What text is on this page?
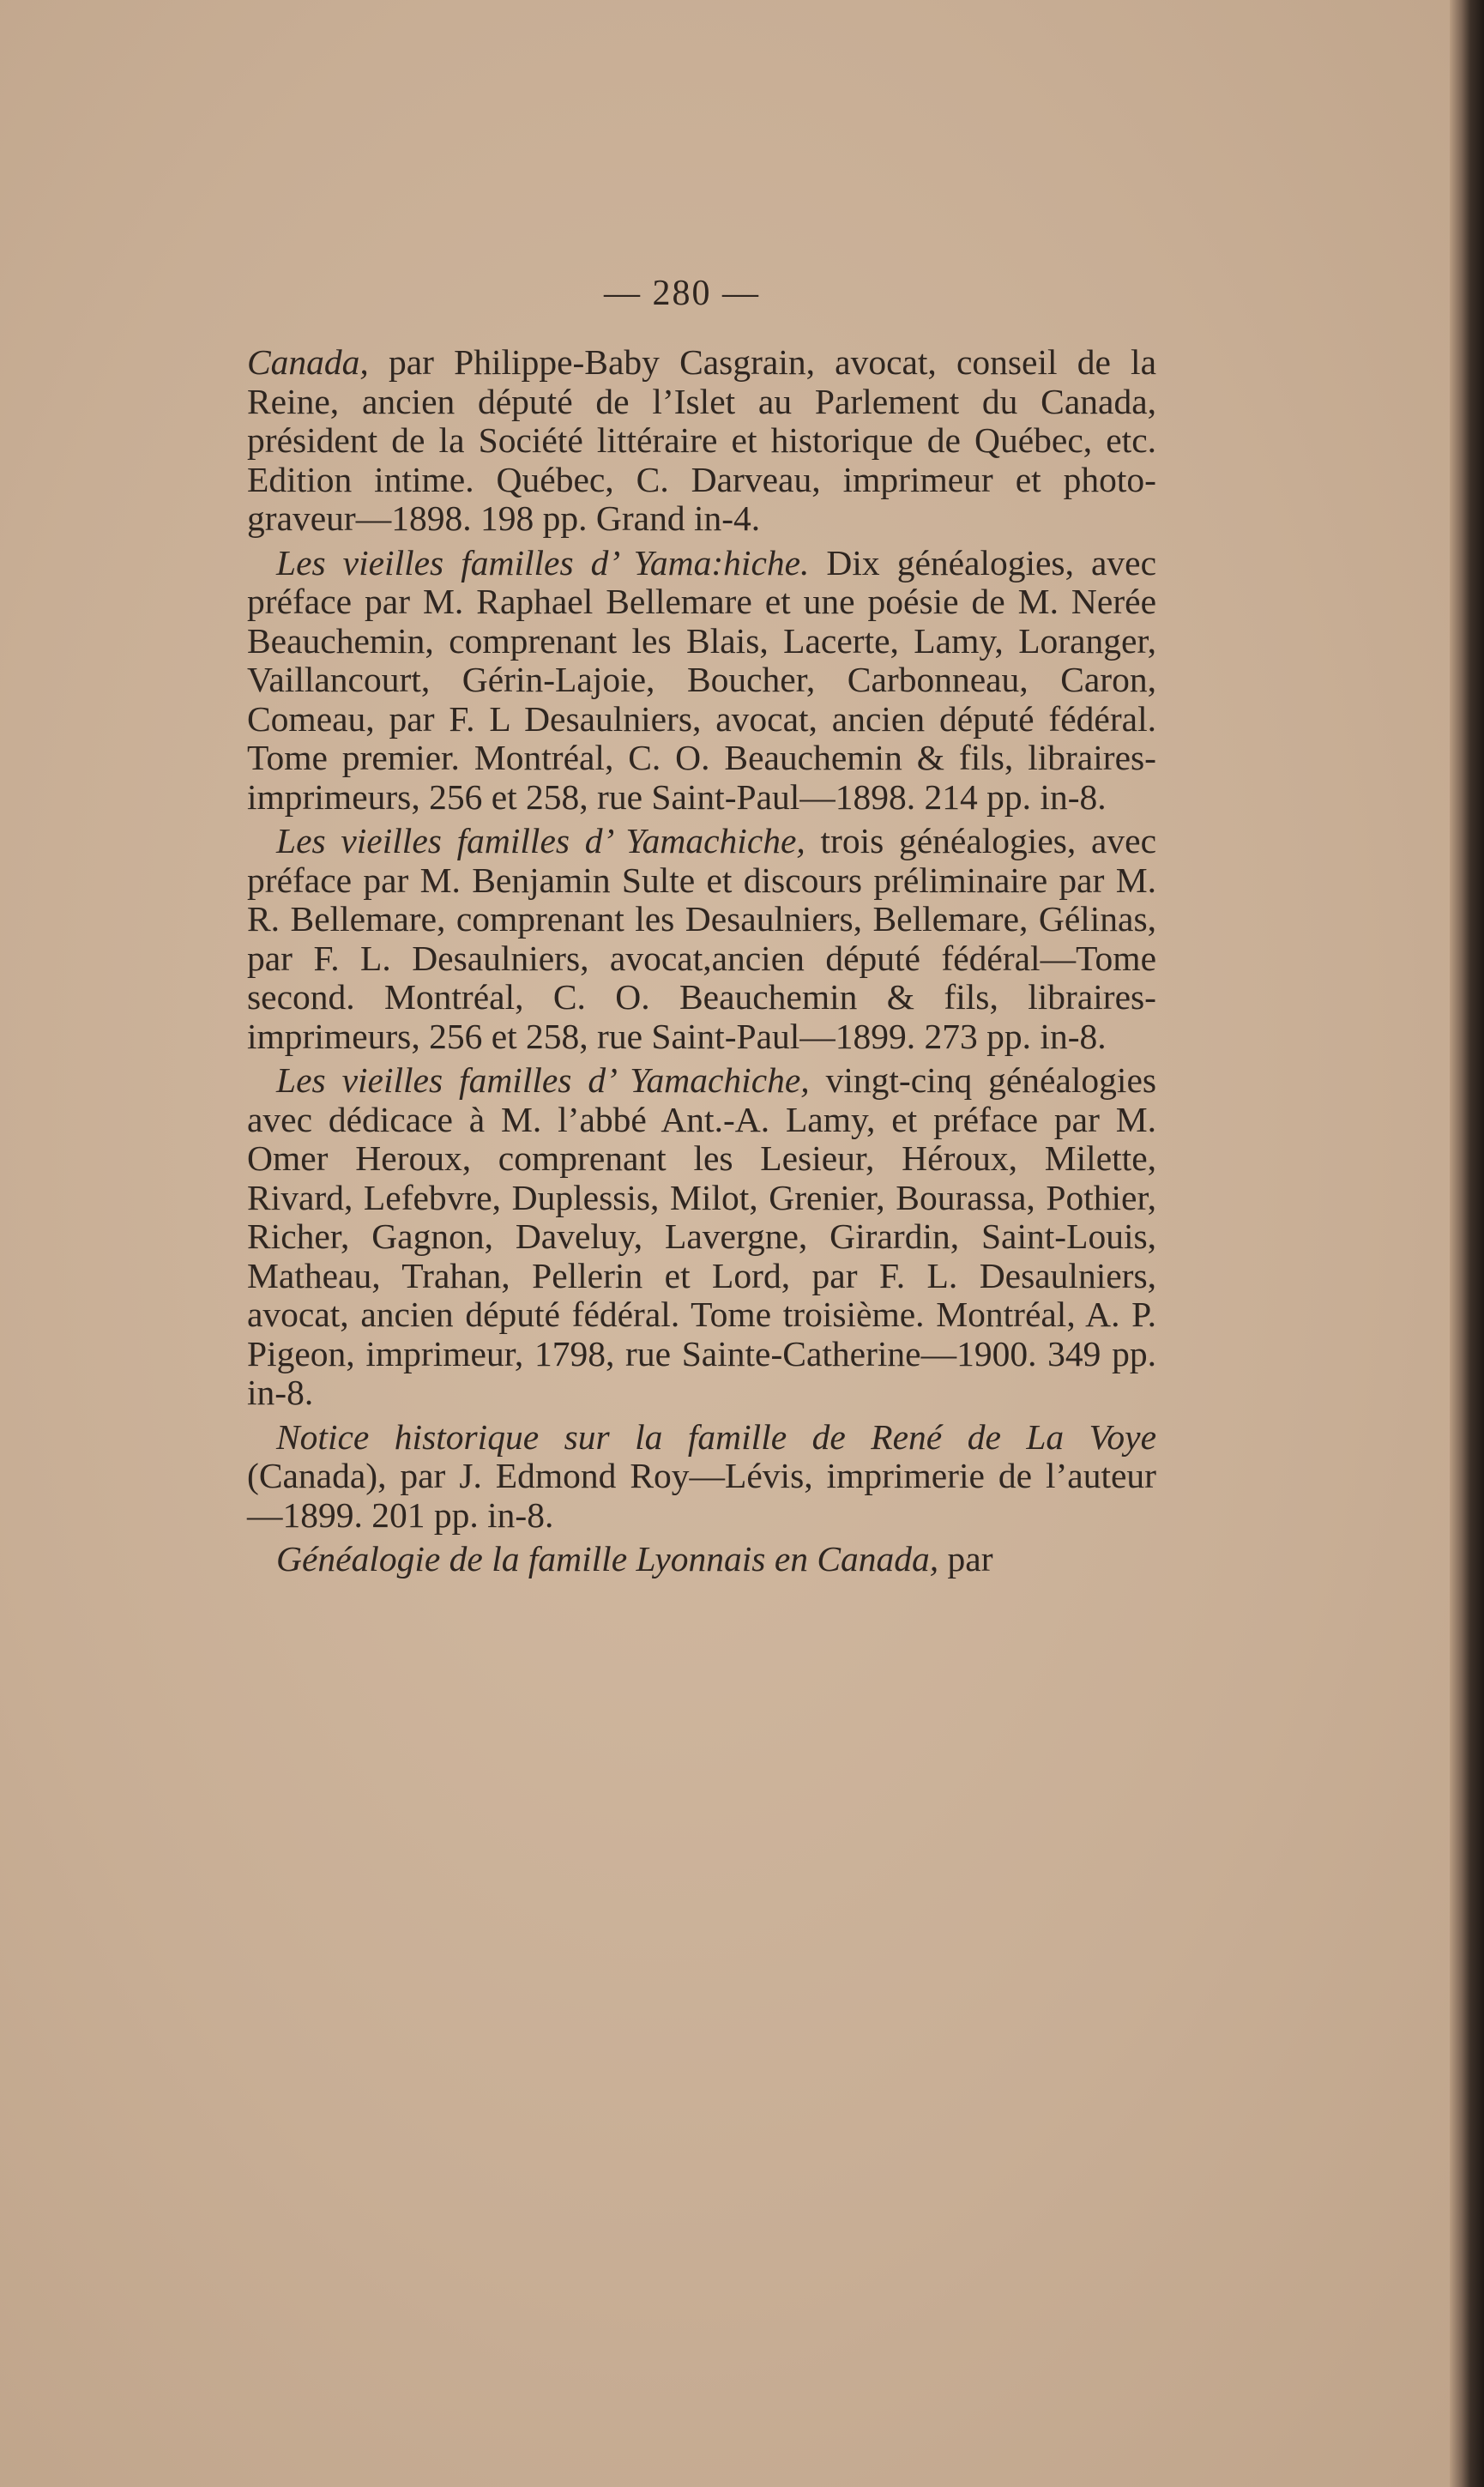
— 280 —

Canada, par Philippe-Baby Casgrain, avocat, conseil de la Reine, ancien député de l’Islet au Parlement du Canada, président de la Société littéraire et historique de Québec, etc. Edition intime. Québec, C. Darveau, imprimeur et photo-graveur—1898. 198 pp. Grand in-4.

Les vieilles familles d’ Yama:hiche. Dix généalogies, avec préface par M. Raphael Bellemare et une poésie de M. Nerée Beauchemin, comprenant les Blais, Lacerte, Lamy, Loranger, Vaillancourt, Gérin-Lajoie, Boucher, Carbonneau, Caron, Comeau, par F. L Desaulniers, avocat, ancien député fédéral. Tome premier. Montréal, C. O. Beauchemin & fils, libraires-imprimeurs, 256 et 258, rue Saint-Paul—1898. 214 pp. in-8.

Les vieilles familles d’ Yamachiche, trois généalogies, avec préface par M. Benjamin Sulte et discours préliminaire par M. R. Bellemare, comprenant les Desaulniers, Bellemare, Gélinas, par F. L. Desaulniers, avocat,ancien député fédéral—Tome second. Montréal, C. O. Beauchemin & fils, libraires-imprimeurs, 256 et 258, rue Saint-Paul—1899. 273 pp. in-8.

Les vieilles familles d’ Yamachiche, vingt-cinq généalogies avec dédicace à M. l’abbé Ant.-A. Lamy, et préface par M. Omer Heroux, comprenant les Lesieur, Héroux, Milette, Rivard, Lefebvre, Duplessis, Milot, Grenier, Bourassa, Pothier, Richer, Gagnon, Daveluy, Lavergne, Girardin, Saint-Louis, Matheau, Trahan, Pellerin et Lord, par F. L. Desaulniers, avocat, ancien député fédéral. Tome troisième. Montréal, A. P. Pigeon, imprimeur, 1798, rue Sainte-Catherine—1900. 349 pp. in-8.

Notice historique sur la famille de René de La Voye (Canada), par J. Edmond Roy—Lévis, imprimerie de l’auteur—1899. 201 pp. in-8.

Généalogie de la famille Lyonnais en Canada, par
